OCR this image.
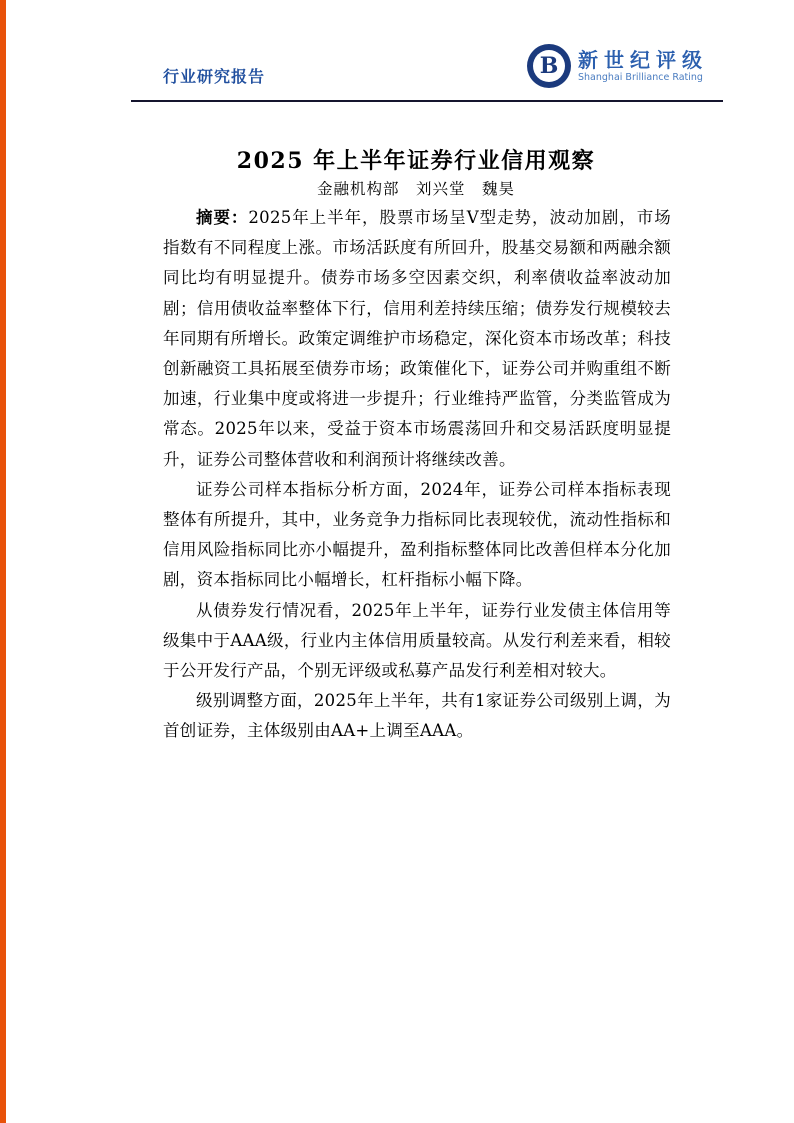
行业研究报告	B 新世纪评级
Shanghai Brilliance Rating
2025 年上半年证券行业信用观察
金融机构部　刘兴堂　魏昊

摘要：2025年上半年，股票市场呈V型走势，波动加剧，市场指数有不同程度上涨。市场活跃度有所回升，股基交易额和两融余额同比均有明显提升。债券市场多空因素交织，利率债收益率波动加剧；信用债收益率整体下行，信用利差持续压缩；债券发行规模较去年同期有所增长。政策定调维护市场稳定，深化资本市场改革；科技创新融资工具拓展至债券市场；政策催化下，证券公司并购重组不断加速，行业集中度或将进一步提升；行业维持严监管，分类监管成为常态。2025年以来，受益于资本市场震荡回升和交易活跃度明显提升，证券公司整体营收和利润预计将继续改善。

证券公司样本指标分析方面，2024年，证券公司样本指标表现整体有所提升，其中，业务竞争力指标同比表现较优，流动性指标和信用风险指标同比亦小幅提升，盈利指标整体同比改善但样本分化加剧，资本指标同比小幅增长，杠杆指标小幅下降。

从债券发行情况看，2025年上半年，证券行业发债主体信用等级集中于AAA级，行业内主体信用质量较高。从发行利差来看，相较于公开发行产品，个别无评级或私募产品发行利差相对较大。

级别调整方面，2025年上半年，共有1家证券公司级别上调，为首创证券，主体级别由AA+上调至AAA。
